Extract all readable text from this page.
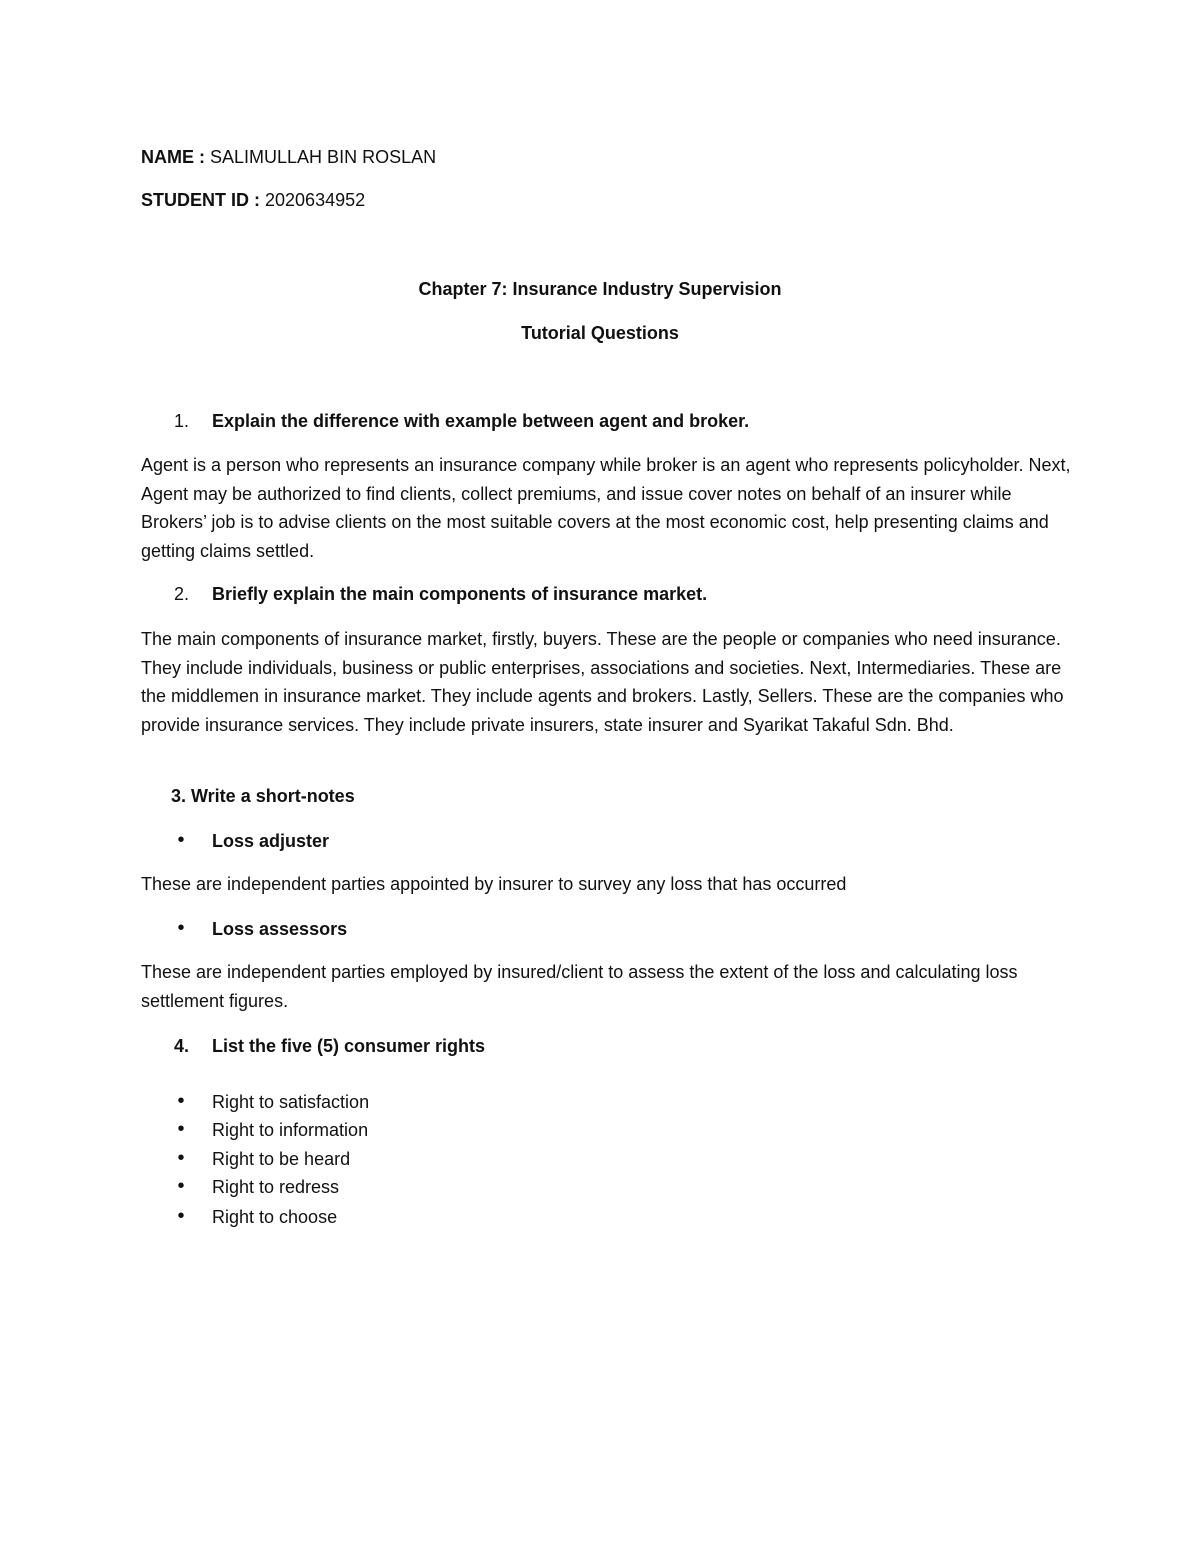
NAME : SALIMULLAH BIN ROSLAN
STUDENT ID : 2020634952
Chapter 7: Insurance Industry Supervision
Tutorial Questions
1.	Explain the difference with example between agent and broker.
Agent is a person who represents an insurance company while broker is an agent who represents policyholder. Next, Agent may be authorized to find clients, collect premiums, and issue cover notes on behalf of an insurer while Brokers’ job is to advise clients on the most suitable covers at the most economic cost, help presenting claims and getting claims settled.
2.	Briefly explain the main components of insurance market.
The main components of insurance market, firstly, buyers. These are the people or companies who need insurance. They include individuals, business or public enterprises, associations and societies. Next, Intermediaries. These are the middlemen in insurance market. They include agents and brokers. Lastly, Sellers. These are the companies who provide insurance services. They include private insurers, state insurer and Syarikat Takaful Sdn. Bhd.
3. Write a short-notes
• Loss adjuster
These are independent parties appointed by insurer to survey any loss that has occurred
• Loss assessors
These are independent parties employed by insured/client to assess the extent of the loss and calculating loss settlement figures.
4.	List the five (5) consumer rights
• Right to satisfaction
• Right to information
• Right to be heard
• Right to redress
• Right to choose
